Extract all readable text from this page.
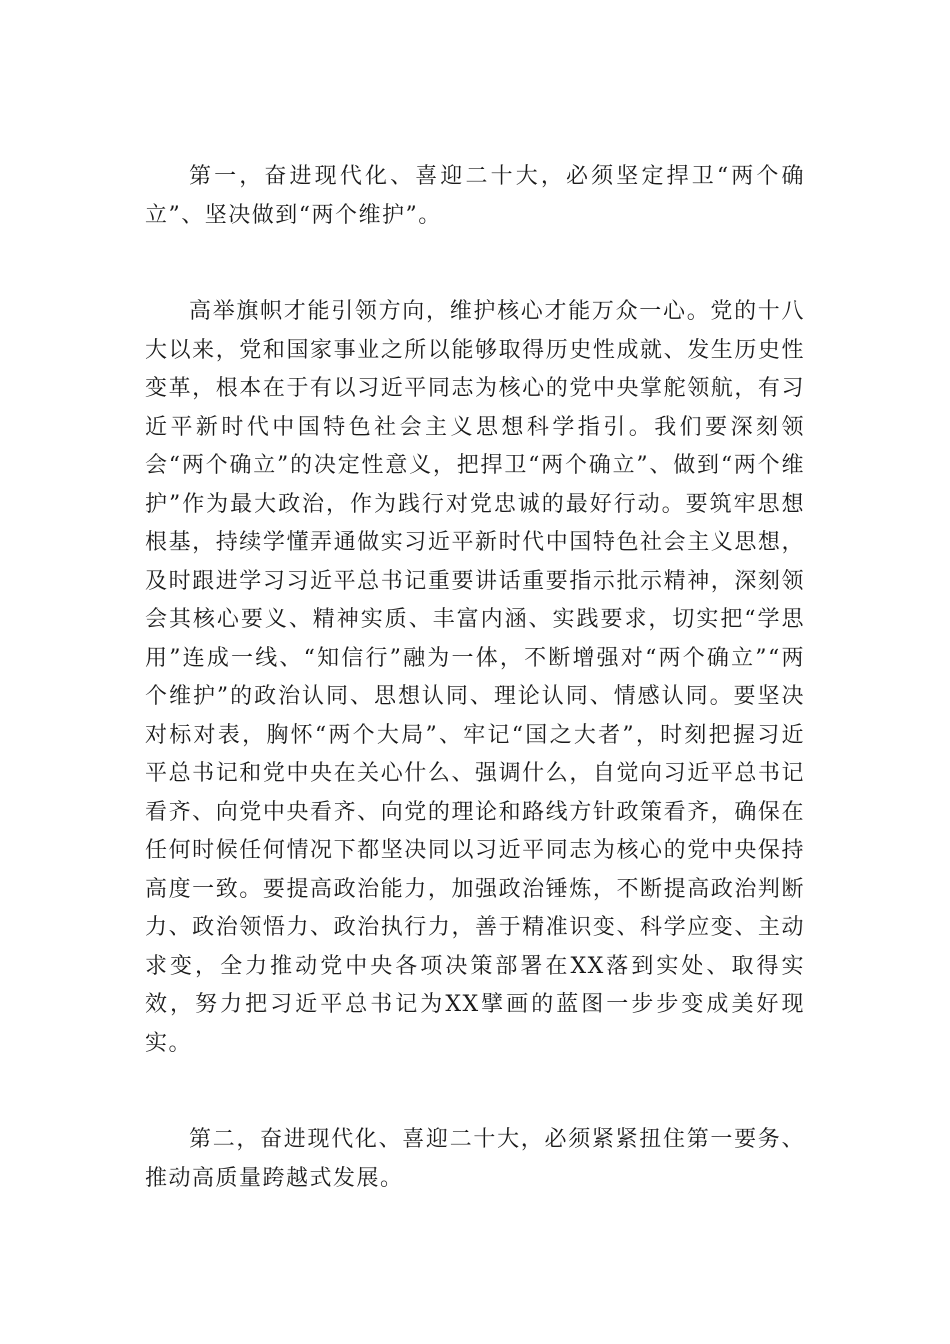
第一，奋进现代化、喜迎二十大，必须坚定捍卫“两个确立”、坚决做到“两个维护”。

高举旗帜才能引领方向，维护核心才能万众一心。党的十八大以来，党和国家事业之所以能够取得历史性成就、发生历史性变革，根本在于有以习近平同志为核心的党中央掌舵领航，有习近平新时代中国特色社会主义思想科学指引。我们要深刻领会“两个确立”的决定性意义，把捍卫“两个确立”、做到“两个维护”作为最大政治，作为践行对党忠诚的最好行动。要筑牢思想根基，持续学懂弄通做实习近平新时代中国特色社会主义思想，及时跟进学习习近平总书记重要讲话重要指示批示精神，深刻领会其核心要义、精神实质、丰富内涵、实践要求，切实把“学思用”连成一线、“知信行”融为一体，不断增强对“两个确立”“两个维护”的政治认同、思想认同、理论认同、情感认同。要坚决对标对表，胸怀“两个大局”、牢记“国之大者”，时刻把握习近平总书记和党中央在关心什么、强调什么，自觉向习近平总书记看齐、向党中央看齐、向党的理论和路线方针政策看齐，确保在任何时候任何情况下都坚决同以习近平同志为核心的党中央保持高度一致。要提高政治能力，加强政治锤炼，不断提高政治判断力、政治领悟力、政治执行力，善于精准识变、科学应变、主动求变，全力推动党中央各项决策部署在XX落到实处、取得实效，努力把习近平总书记为XX擘画的蓝图一步步变成美好现实。

第二，奋进现代化、喜迎二十大，必须紧紧扭住第一要务、推动高质量跨越式发展。
